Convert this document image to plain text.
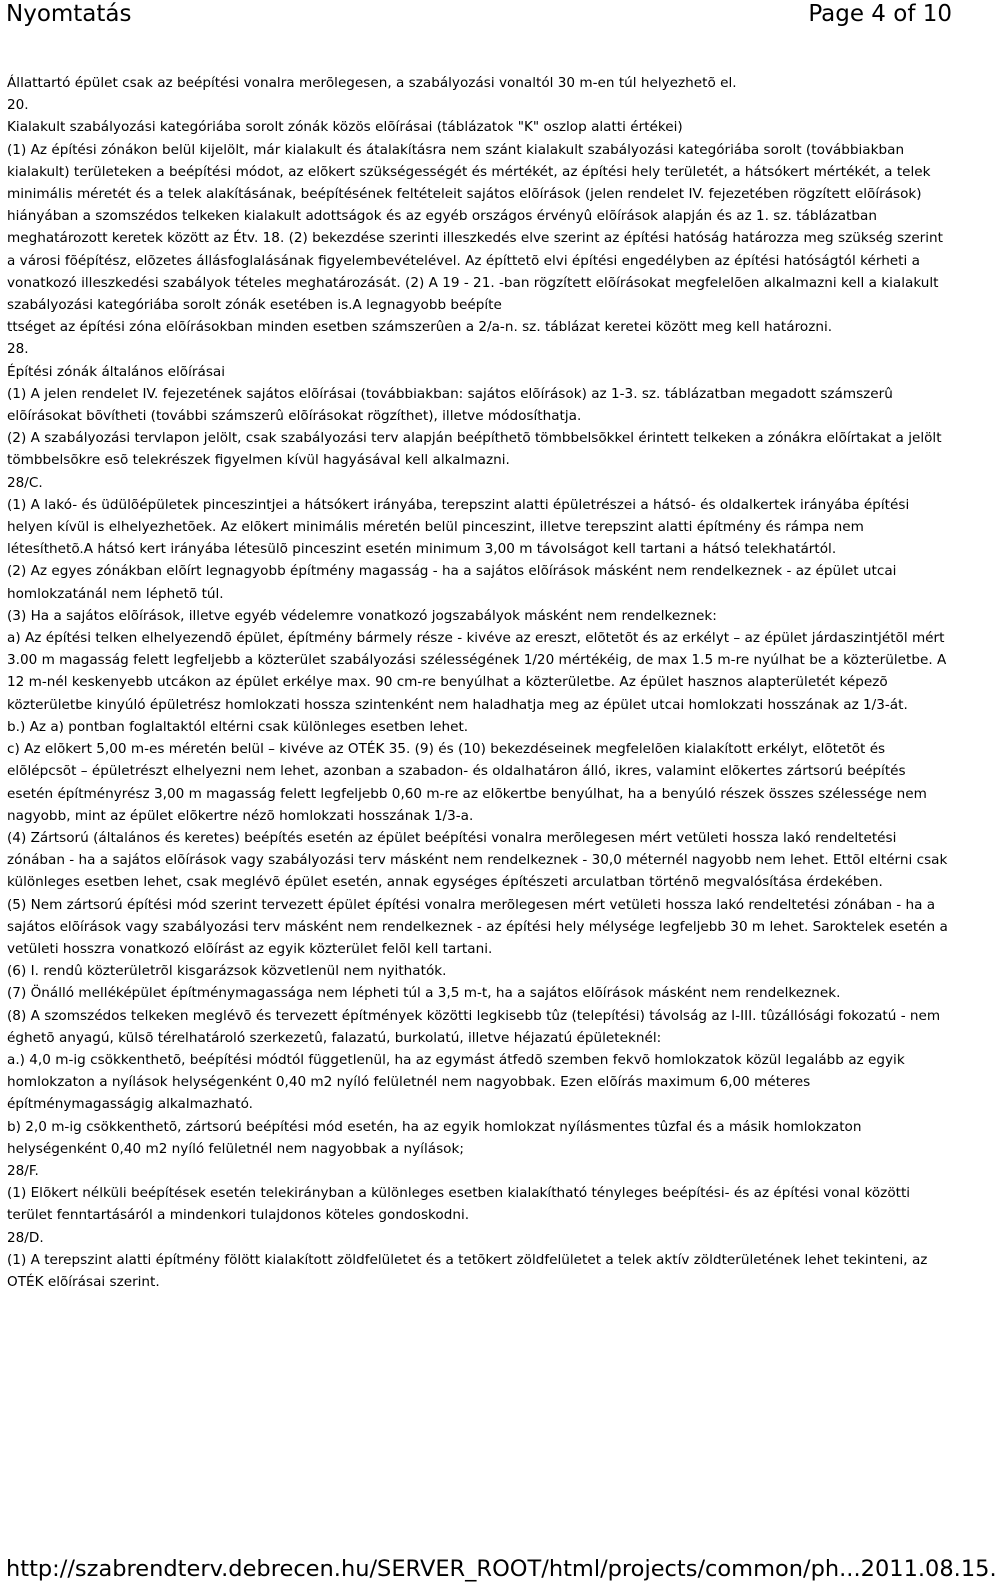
Nyomtatás	Page 4 of 10

Állattartó épület csak az beépítési vonalra merõlegesen, a szabályozási vonaltól 30 m-en túl helyezhetõ el.

20.

Kialakult szabályozási kategóriába sorolt zónák közös elõírásai (táblázatok "K" oszlop alatti értékei)

(1) Az építési zónákon belül kijelölt, már kialakult és átalakításra nem szánt kialakult szabályozási kategóriába sorolt (továbbiakban kialakult) területeken a beépítési módot, az elõkert szükségességét és mértékét, az építési hely területét, a hátsókert mértékét, a telek minimális méretét és a telek alakításának, beépítésének feltételeit sajátos elõírások (jelen rendelet IV. fejezetében rögzített elõírások) hiányában a szomszédos telkeken kialakult adottságok és az egyéb országos érvényû elõírások alapján és az 1. sz. táblázatban meghatározott keretek között az Étv. 18. (2) bekezdése szerinti illeszkedés elve szerint az építési hatóság határozza meg szükség szerint a városi fõépítész, elõzetes állásfoglalásának figyelembevételével. Az építtetõ elvi építési engedélyben az építési hatóságtól kérheti a vonatkozó illeszkedési szabályok tételes meghatározását. (2) A 19 - 21. -ban rögzített elõírásokat megfelelõen alkalmazni kell a kialakult szabályozási kategóriába sorolt zónák esetében is.A legnagyobb beépíte

ttséget az építési zóna elõírásokban minden esetben számszerûen a 2/a-n. sz. táblázat keretei között meg kell határozni.

28.

Építési zónák általános elõírásai

(1) A jelen rendelet IV. fejezetének sajátos elõírásai (továbbiakban: sajátos elõírások) az 1-3. sz. táblázatban megadott számszerû elõírásokat bõvítheti (további számszerû elõírásokat rögzíthet), illetve módosíthatja.

(2) A szabályozási tervlapon jelölt, csak szabályozási terv alapján beépíthetõ tömbbelsõkkel érintett telkeken a zónákra elõírtakat a jelölt tömbbelsõkre esõ telekrészek figyelmen kívül hagyásával kell alkalmazni.

28/C.

(1) A lakó- és üdülõépületek pinceszintjei a hátsókert irányába, terepszint alatti épületrészei a hátsó- és oldalkertek irányába építési helyen kívül is elhelyezhetõek. Az elõkert minimális méretén belül pinceszint, illetve terepszint alatti építmény és rámpa nem létesíthetõ.A hátsó kert irányába létesülõ pinceszint esetén minimum 3,00 m távolságot kell tartani a hátsó telekhatártól.

(2) Az egyes zónákban elõírt legnagyobb építmény magasság - ha a sajátos elõírások másként nem rendelkeznek - az épület utcai homlokzatánál nem léphetõ túl.

(3) Ha a sajátos elõírások, illetve egyéb védelemre vonatkozó jogszabályok másként nem rendelkeznek:

a) Az építési telken elhelyezendõ épület, építmény bármely része - kivéve az ereszt, elõtetõt és az erkélyt – az épület járdaszintjétõl mért 3.00 m magasság felett legfeljebb a közterület szabályozási szélességének 1/20 mértékéig, de max 1.5 m-re nyúlhat be a közterületbe. A 12 m-nél keskenyebb utcákon az épület erkélye max. 90 cm-re benyúlhat a közterületbe. Az épület hasznos alapterületét képezõ közterületbe kinyúló épületrész homlokzati hossza szintenként nem haladhatja meg az épület utcai homlokzati hosszának az 1/3-át.

b.) Az a) pontban foglaltaktól eltérni csak különleges esetben lehet.

c) Az elõkert 5,00 m-es méretén belül – kivéve az OTÉK 35. (9) és (10) bekezdéseinek megfelelõen kialakított erkélyt, elõtetõt és elõlépcsõt – épületrészt elhelyezni nem lehet, azonban a szabadon- és oldalhatáron álló, ikres, valamint elõkertes zártsorú beépítés esetén építményrész 3,00 m magasság felett legfeljebb 0,60 m-re az elõkertbe benyúlhat, ha a benyúló részek összes szélessége nem nagyobb, mint az épület elõkertre nézõ homlokzati hosszának 1/3-a.

(4) Zártsorú (általános és keretes) beépítés esetén az épület beépítési vonalra merõlegesen mért vetületi hossza lakó rendeltetési zónában - ha a sajátos elõírások vagy szabályozási terv másként nem rendelkeznek - 30,0 méternél nagyobb nem lehet. Ettõl eltérni csak különleges esetben lehet, csak meglévõ épület esetén, annak egységes építészeti arculatban történõ megvalósítása érdekében.

(5) Nem zártsorú építési mód szerint tervezett épület építési vonalra merõlegesen mért vetületi hossza lakó rendeltetési zónában - ha a sajátos elõírások vagy szabályozási terv másként nem rendelkeznek - az építési hely mélysége legfeljebb 30 m lehet. Saroktelek esetén a vetületi hosszra vonatkozó elõírást az egyik közterület felõl kell tartani.

(6) I. rendû közterületrõl kisgarázsok közvetlenül nem nyithatók.

(7) Önálló melléképület építménymagassága nem lépheti túl a 3,5 m-t, ha a sajátos elõírások másként nem rendelkeznek.

(8) A szomszédos telkeken meglévõ és tervezett építmények közötti legkisebb tûz (telepítési) távolság az I-III. tûzállósági fokozatú - nem éghetõ anyagú, külsõ térelhatároló szerkezetû, falazatú, burkolatú, illetve héjazatú épületeknél:

a.) 4,0 m-ig csökkenthetõ, beépítési módtól függetlenül, ha az egymást átfedõ szemben fekvõ homlokzatok közül legalább az egyik homlokzaton a nyílások helységenként 0,40 m2 nyíló felületnél nem nagyobbak. Ezen elõírás maximum 6,00 méteres építménymagasságig alkalmazható.

b) 2,0 m-ig csökkenthetõ, zártsorú beépítési mód esetén, ha az egyik homlokzat nyílásmentes tûzfal és a másik homlokzaton helységenként 0,40 m2 nyíló felületnél nem nagyobbak a nyílások;

28/F.

(1) Elõkert nélküli beépítések esetén telekirányban a különleges esetben kialakítható tényleges beépítési- és az építési vonal közötti terület fenntartásáról a mindenkori tulajdonos köteles gondoskodni.

28/D.

(1) A terepszint alatti építmény fölött kialakított zöldfelületet és a tetõkert zöldfelületet a telek aktív zöldterületének lehet tekinteni, az OTÉK elõírásai szerint.

http://szabrendterv.debrecen.hu/SERVER_ROOT/html/projects/common/ph... 2011.08.15.
